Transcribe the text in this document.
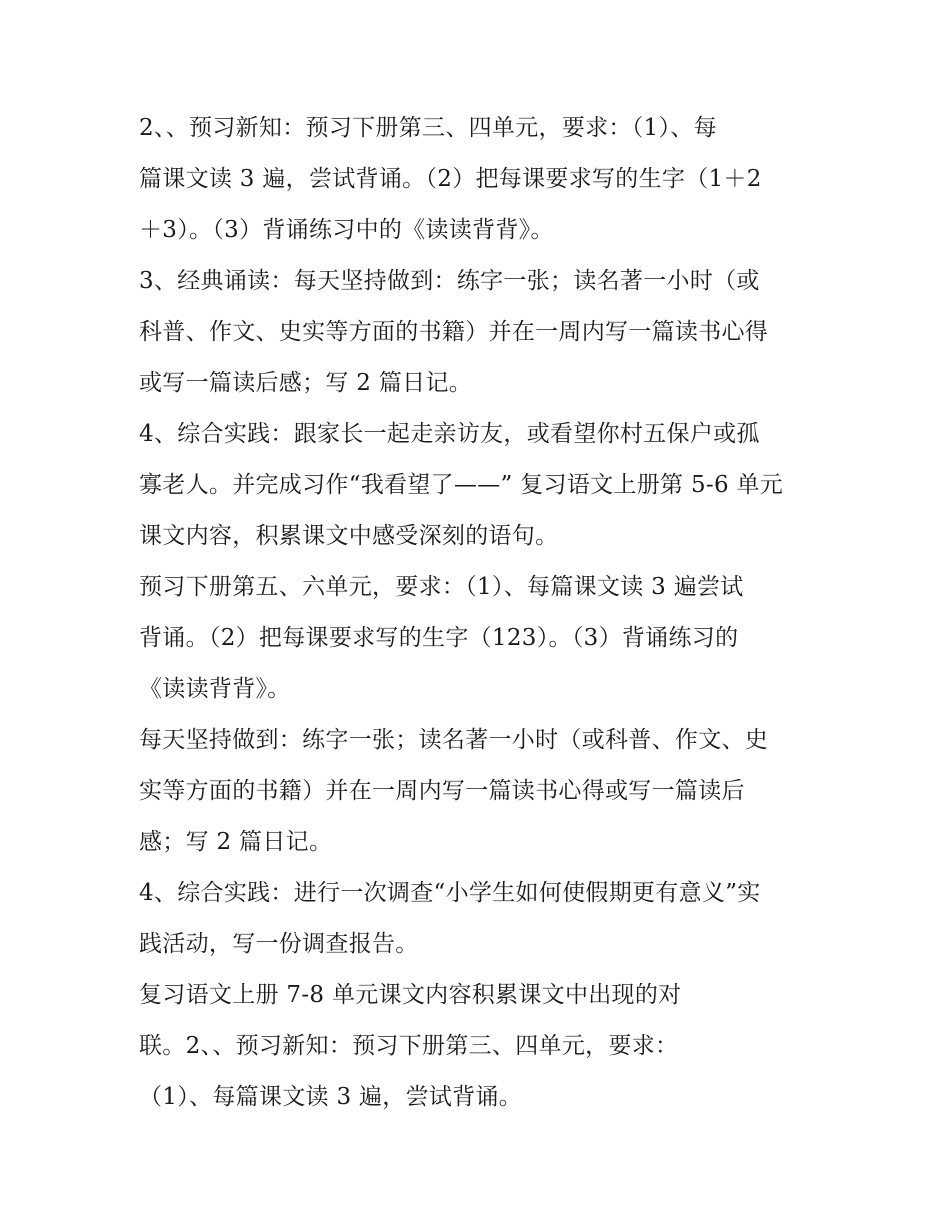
2、、预习新知：预习下册第三、四单元，要求：（1）、每
篇课文读 3 遍，尝试背诵。（2）把每课要求写的生字（1＋2
＋3）。（3）背诵练习中的《读读背背》。
3、经典诵读：每天坚持做到：练字一张；读名著一小时（或
科普、作文、史实等方面的书籍）并在一周内写一篇读书心得
或写一篇读后感；写 2 篇日记。
4、综合实践：跟家长一起走亲访友，或看望你村五保户或孤
寡老人。并完成习作“我看望了——” 复习语文上册第 5-6 单元
课文内容，积累课文中感受深刻的语句。
预习下册第五、六单元，要求：（1）、每篇课文读 3 遍尝试
背诵。（2）把每课要求写的生字（123）。（3）背诵练习的
《读读背背》。
每天坚持做到：练字一张；读名著一小时（或科普、作文、史
实等方面的书籍）并在一周内写一篇读书心得或写一篇读后
感；写 2 篇日记。
4、综合实践：进行一次调查“小学生如何使假期更有意义”实
践活动，写一份调查报告。
复习语文上册 7-8 单元课文内容积累课文中出现的对
联。2、、预习新知：预习下册第三、四单元，要求：
（1）、每篇课文读 3 遍，尝试背诵。
